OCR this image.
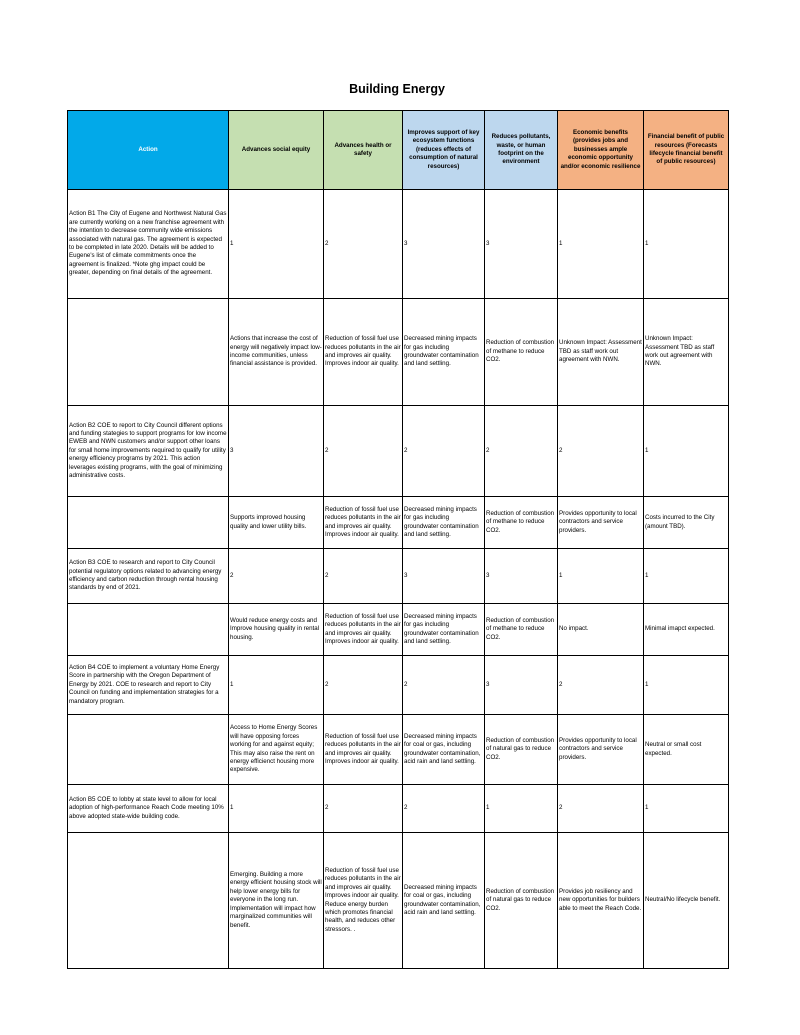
Building Energy
Action	Advances social equity	Advances health or safety	Improves support of key ecosystem functions (reduces effects of consumption of natural resources)	Reduces pollutants, waste, or human footprint on the environment	Economic benefits (provides jobs and businesses ample economic opportunity and/or economic resilience	Financial benefit of public resources (Forecasts lifecycle financial benefit of public resources)
Action B1 The City of Eugene and Northwest Natural Gas are currently working on a new franchise agreement with the intention to decrease community wide emissions associated with natural gas. The agreement is expected to be completed in late 2020. Details will be added to Eugene's list of climate commitments once the agreement is finalized. *Note ghg impact could be greater, depending on final details of the agreement.	1	2	3	3	1	1
	Actions that increase the cost of energy will negatively impact low-income communities, unless financial assistance is provided.	Reduction of fossil fuel use reduces pollutants in the air and improves air quality. Improves indoor air quality.	Decreased mining impacts for gas including groundwater contamination and land settling.	Reduction of combustion of methane to reduce CO2.	Unknown Impact: Assessment TBD as staff work out agreement with NWN.	Unknown Impact: Assessment TBD as staff work out agreement with NWN.
Action B2 COE to report to City Council different options and funding stategies to support programs for low income EWEB and NWN customers and/or support other loans for small home improvements required to qualify for utility energy efficiency programs by 2021. This action leverages existing programs, with the goal of minimizing administrative costs.	3	2	2	2	2	1
	Supports improved housing quality and lower utility bills.	Reduction of fossil fuel use reduces pollutants in the air and improves air quality. Improves indoor air quality.	Decreased mining impacts for gas including groundwater contamination and land settling.	Reduction of combustion of methane to reduce CO2.	Provides opportunity to local contractors and service providers.	Costs incurred to the City (amount TBD).
Action B3 COE to research and report to City Council potential regulatory options related to advancing energy efficiency and carbon reduction through rental housing standards by end of 2021.	2	2	3	3	1	1
	Would reduce energy costs and Improve housing quality in rental housing.	Reduction of fossil fuel use reduces pollutants in the air and improves air quality. Improves indoor air quality.	Decreased mining impacts for gas including groundwater contamination and land settling.	Reduction of combustion of methane to reduce CO2.	No impact.	Minimal imapct expected.
Action B4 COE to implement a voluntary Home Energy Score in partnership with the Oregon Department of Energy by 2021. COE to research and report to City Council on funding and implementation strategies for a mandatory program.	1	2	2	3	2	1
	Access to Home Energy Scores will have opposing forces working for and against equity; This may also raise the rent on energy efficienct housing more expensive.	Reduction of fossil fuel use reduces pollutants in the air and improves air quality. Improves indoor air quality.	Decreased mining impacts for coal or gas, including groundwater contamination, acid rain and land settling.	Reduction of combustion of natural gas to reduce CO2.	Provides opportunity to local contractors and service providers.	Neutral or small cost expected.
Action B5 COE to lobby at state level to allow for local adoption of high-performance Reach Code meeting 10% above adopted state-wide building code.	1	2	2	1	2	1
	Emerging. Building a more energy efficient housing stock will help lower energy bills for everyone in the long run. Implementation will impact how marginalized communities will benefit.	Reduction of fossil fuel use reduces pollutants in the air and improves air quality. Improves indoor air quality. Reduce energy burden which promotes financial health, and reduces other stressors. .	Decreased mining impacts for coal or gas, including groundwater contamination, acid rain and land settling.	Reduction of combustion of natural gas to reduce CO2.	Provides job resiliency and new opportunities for builders able to meet the Reach Code.	Neutral/No lifecycle benefit.
